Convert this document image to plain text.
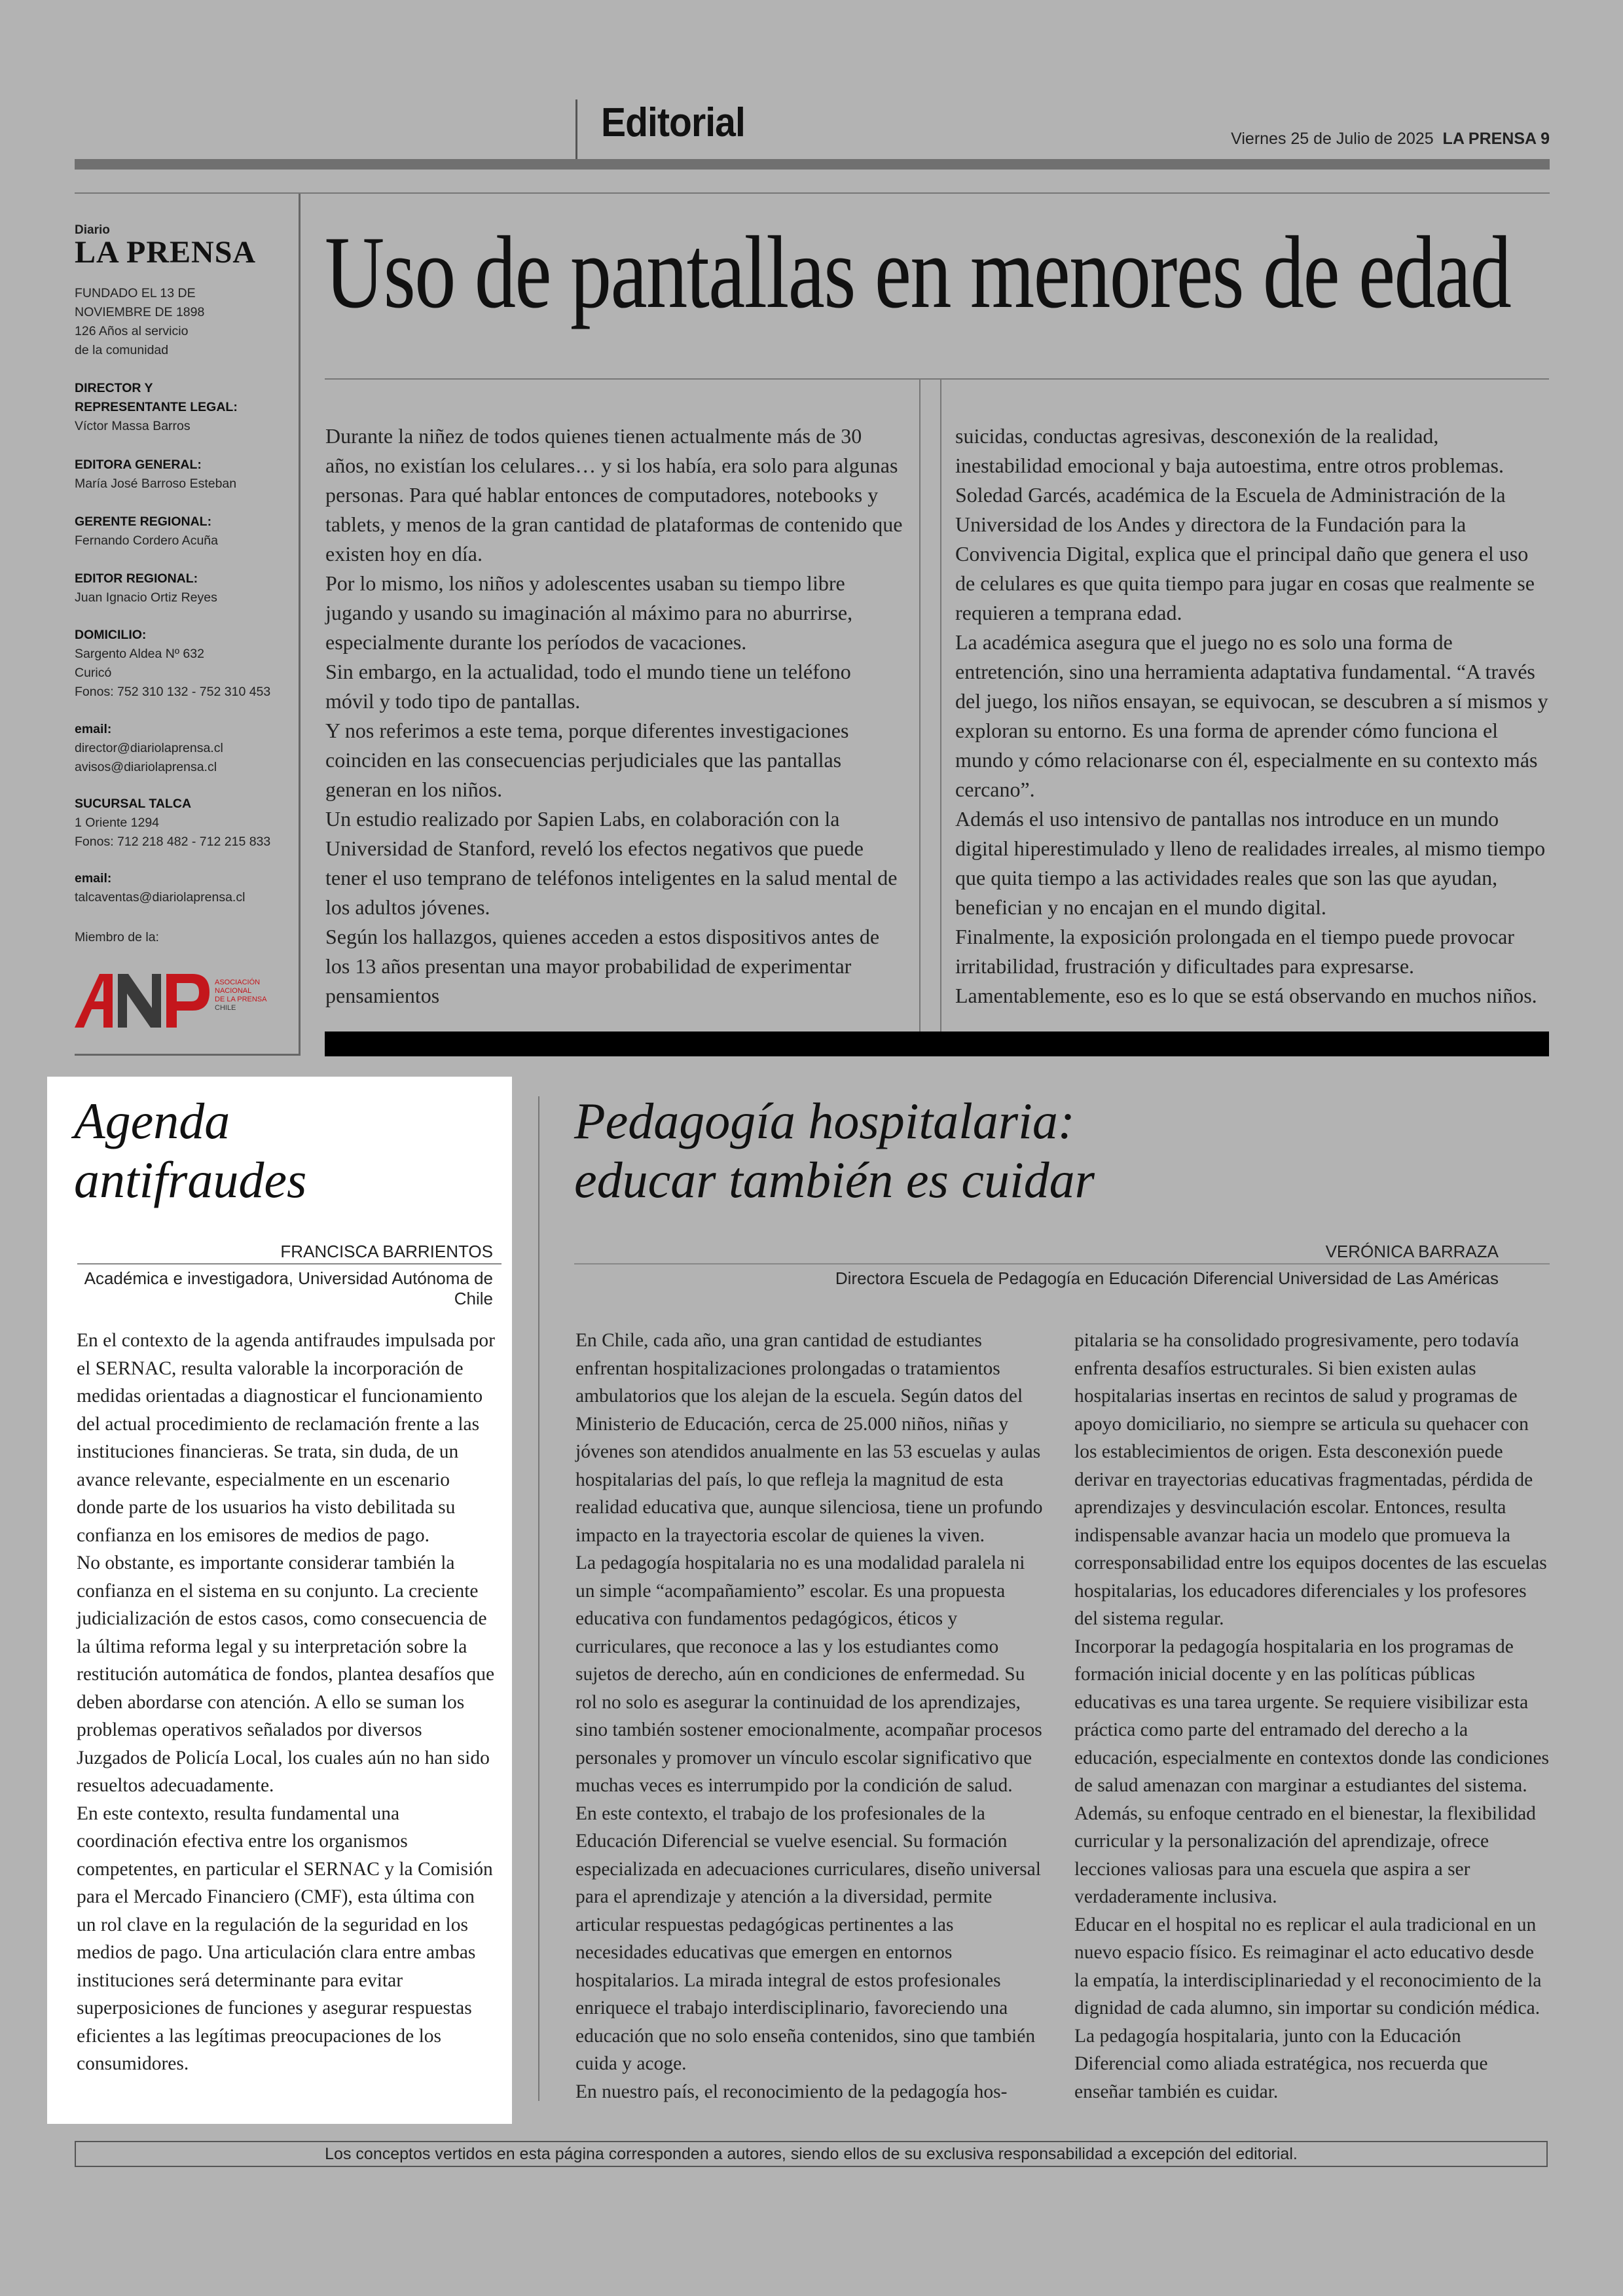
Editorial	Viernes 25 de Julio de 2025 LA PRENSA 9
Diario
LA PRENSA
FUNDADO EL 13 DE
NOVIEMBRE DE 1898
126 Años al servicio
de la comunidad
DIRECTOR Y
REPRESENTANTE LEGAL:
Víctor Massa Barros
EDITORA GENERAL:
María José Barroso Esteban
GERENTE REGIONAL:
Fernando Cordero Acuña
EDITOR REGIONAL:
Juan Ignacio Ortiz Reyes
DOMICILIO:
Sargento Aldea Nº 632
Curicó
Fonos: 752 310 132 - 752 310 453
email:
director@diariolaprensa.cl
avisos@diariolaprensa.cl
SUCURSAL TALCA
1 Oriente 1294
Fonos: 712 218 482 - 712 215 833
email:
talcaventas@diariolaprensa.cl
Miembro de la:
ASOCIACIÓN
NACIONAL
DE LA PRENSA
CHILE
Uso de pantallas en menores de edad

Durante la niñez de todos quienes tienen actualmente más de 30 años, no existían los celulares… y si los había, era solo para algunas personas. Para qué hablar entonces de computadores, notebooks y tablets, y menos de la gran cantidad de plataformas de contenido que existen hoy en día.

Por lo mismo, los niños y adolescentes usaban su tiempo libre jugando y usando su imaginación al máximo para no aburrirse, especialmente durante los períodos de vacaciones.

Sin embargo, en la actualidad, todo el mundo tiene un teléfono móvil y todo tipo de pantallas.

Y nos referimos a este tema, porque diferentes investigaciones coinciden en las consecuencias perjudiciales que las pantallas generan en los niños.

Un estudio realizado por Sapien Labs, en colaboración con la Universidad de Stanford, reveló los efectos negativos que puede tener el uso temprano de teléfonos inteligentes en la salud mental de los adultos jóvenes.

Según los hallazgos, quienes acceden a estos dispositivos antes de los 13 años presentan una mayor probabilidad de experimentar pensamientos

suicidas, conductas agresivas, desconexión de la realidad, inestabilidad emocional y baja autoestima, entre otros problemas.

Soledad Garcés, académica de la Escuela de Administración de la Universidad de los Andes y directora de la Fundación para la Convivencia Digital, explica que el principal daño que genera el uso de celulares es que quita tiempo para jugar en cosas que realmente se requieren a temprana edad.

La académica asegura que el juego no es solo una forma de entretención, sino una herramienta adaptativa fundamental. “A través del juego, los niños ensayan, se equivocan, se descubren a sí mismos y exploran su entorno. Es una forma de aprender cómo funciona el mundo y cómo relacionarse con él, especialmente en su contexto más cercano”.

Además el uso intensivo de pantallas nos introduce en un mundo digital hiperestimulado y lleno de realidades irreales, al mismo tiempo que quita tiempo a las actividades reales que son las que ayudan, benefician y no encajan en el mundo digital.

Finalmente, la exposición prolongada en el tiempo puede provocar irritabilidad, frustración y dificultades para expresarse. Lamentablemente, eso es lo que se está observando en muchos niños.

Agenda
antifraudes
FRANCISCA BARRIENTOS
Académica e investigadora, Universidad Autónoma de Chile

En el contexto de la agenda antifraudes impulsada por el SERNAC, resulta valorable la incorporación de medidas orientadas a diagnosticar el funcionamiento del actual procedimiento de reclamación frente a las instituciones financieras. Se trata, sin duda, de un avance relevante, especialmente en un escenario donde parte de los usuarios ha visto debilitada su confianza en los emisores de medios de pago.

No obstante, es importante considerar también la confianza en el sistema en su conjunto. La creciente judicialización de estos casos, como consecuencia de la última reforma legal y su interpretación sobre la restitución automática de fondos, plantea desafíos que deben abordarse con atención. A ello se suman los problemas operativos señalados por diversos Juzgados de Policía Local, los cuales aún no han sido resueltos adecuadamente.

En este contexto, resulta fundamental una coordinación efectiva entre los organismos competentes, en particular el SERNAC y la Comisión para el Mercado Financiero (CMF), esta última con un rol clave en la regulación de la seguridad en los medios de pago. Una articulación clara entre ambas instituciones será determinante para evitar superposiciones de funciones y asegurar respuestas eficientes a las legítimas preocupaciones de los consumidores.

Pedagogía hospitalaria:
educar también es cuidar
VERÓNICA BARRAZA
Directora Escuela de Pedagogía en Educación Diferencial Universidad de Las Américas

En Chile, cada año, una gran cantidad de estudiantes enfrentan hospitalizaciones prolongadas o tratamientos ambulatorios que los alejan de la escuela. Según datos del Ministerio de Educación, cerca de 25.000 niños, niñas y jóvenes son atendidos anualmente en las 53 escuelas y aulas hospitalarias del país, lo que refleja la magnitud de esta realidad educativa que, aunque silenciosa, tiene un profundo impacto en la trayectoria escolar de quienes la viven.

La pedagogía hospitalaria no es una modalidad paralela ni un simple “acompañamiento” escolar. Es una propuesta educativa con fundamentos pedagógicos, éticos y curriculares, que reconoce a las y los estudiantes como sujetos de derecho, aún en condiciones de enfermedad. Su rol no solo es asegurar la continuidad de los aprendizajes, sino también sostener emocionalmente, acompañar procesos personales y promover un vínculo escolar significativo que muchas veces es interrumpido por la condición de salud.

En este contexto, el trabajo de los profesionales de la Educación Diferencial se vuelve esencial. Su formación especializada en adecuaciones curriculares, diseño universal para el aprendizaje y atención a la diversidad, permite articular respuestas pedagógicas pertinentes a las necesidades educativas que emergen en entornos hospitalarios. La mirada integral de estos profesionales enriquece el trabajo interdisciplinario, favoreciendo una educación que no solo enseña contenidos, sino que también cuida y acoge.

En nuestro país, el reconocimiento de la pedagogía hos-

pitalaria se ha consolidado progresivamente, pero todavía enfrenta desafíos estructurales. Si bien existen aulas hospitalarias insertas en recintos de salud y programas de apoyo domiciliario, no siempre se articula su quehacer con los establecimientos de origen. Esta desconexión puede derivar en trayectorias educativas fragmentadas, pérdida de aprendizajes y desvinculación escolar. Entonces, resulta indispensable avanzar hacia un modelo que promueva la corresponsabilidad entre los equipos docentes de las escuelas hospitalarias, los educadores diferenciales y los profesores del sistema regular.

Incorporar la pedagogía hospitalaria en los programas de formación inicial docente y en las políticas públicas educativas es una tarea urgente. Se requiere visibilizar esta práctica como parte del entramado del derecho a la educación, especialmente en contextos donde las condiciones de salud amenazan con marginar a estudiantes del sistema. Además, su enfoque centrado en el bienestar, la flexibilidad curricular y la personalización del aprendizaje, ofrece lecciones valiosas para una escuela que aspira a ser verdaderamente inclusiva.

Educar en el hospital no es replicar el aula tradicional en un nuevo espacio físico. Es reimaginar el acto educativo desde la empatía, la interdisciplinariedad y el reconocimiento de la dignidad de cada alumno, sin importar su condición médica. La pedagogía hospitalaria, junto con la Educación Diferencial como aliada estratégica, nos recuerda que enseñar también es cuidar.

Los conceptos vertidos en esta página corresponden a autores, siendo ellos de su exclusiva responsabilidad a excepción del editorial.
